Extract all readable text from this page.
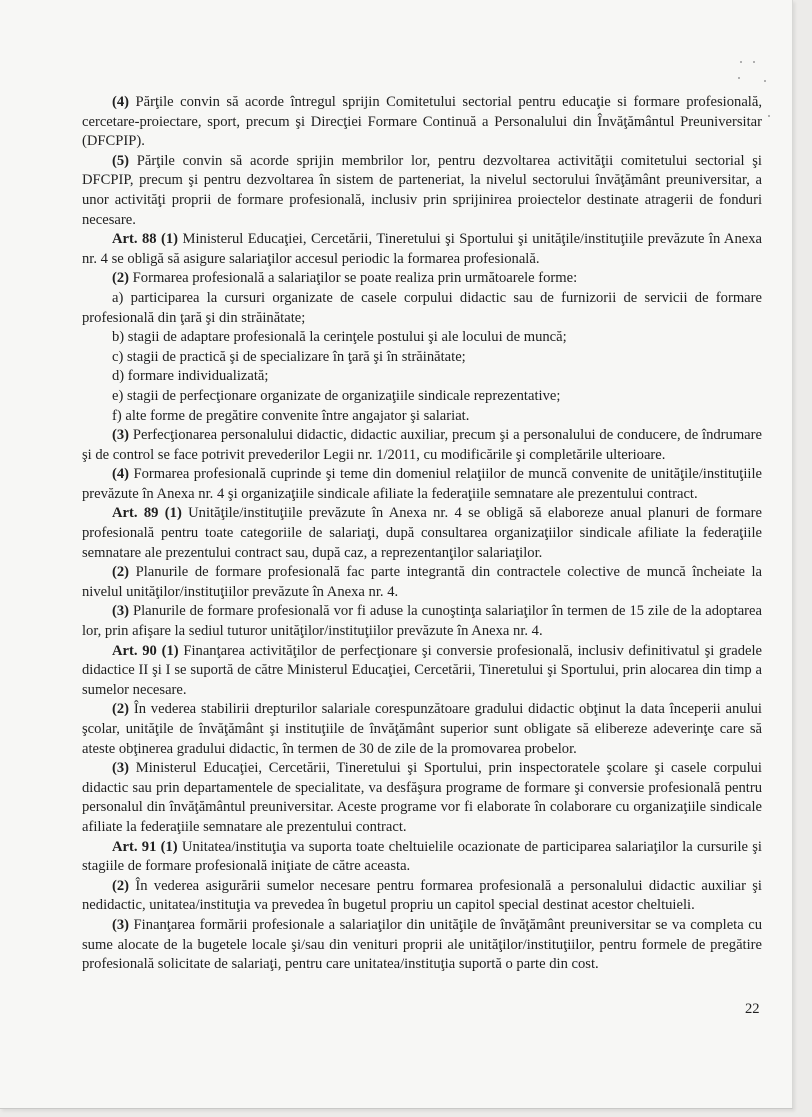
(4) Părţile convin să acorde întregul sprijin Comitetului sectorial pentru educaţie si formare profesională, cercetare-proiectare, sport, precum şi Direcţiei Formare Continuă a Personalului din Învăţământul Preuniversitar (DFCPIP).

(5) Părţile convin să acorde sprijin membrilor lor, pentru dezvoltarea activităţii comitetului sectorial şi DFCPIP, precum şi pentru dezvoltarea în sistem de parteneriat, la nivelul sectorului învăţământ preuniversitar, a unor activităţi proprii de formare profesională, inclusiv prin sprijinirea proiectelor destinate atragerii de fonduri necesare.

Art. 88 (1) Ministerul Educaţiei, Cercetării, Tineretului şi Sportului şi unităţile/instituţiile prevăzute în Anexa nr. 4 se obligă să asigure salariaţilor accesul periodic la formarea profesională.

(2) Formarea profesională a salariaţilor se poate realiza prin următoarele forme:

a) participarea la cursuri organizate de casele corpului didactic sau de furnizorii de servicii de formare profesională din ţară şi din străinătate;

b) stagii de adaptare profesională la cerinţele postului şi ale locului de muncă;

c) stagii de practică şi de specializare în ţară şi în străinătate;

d) formare individualizată;

e) stagii de perfecţionare organizate de organizaţiile sindicale reprezentative;

f) alte forme de pregătire convenite între angajator şi salariat.

(3) Perfecţionarea personalului didactic, didactic auxiliar, precum şi a personalului de conducere, de îndrumare şi de control se face potrivit prevederilor Legii nr. 1/2011, cu modificările şi completările ulterioare.

(4) Formarea profesională cuprinde şi teme din domeniul relaţiilor de muncă convenite de unităţile/instituţiile prevăzute în Anexa nr. 4 şi organizaţiile sindicale afiliate la federaţiile semnatare ale prezentului contract.

Art. 89 (1) Unităţile/instituţiile prevăzute în Anexa nr. 4 se obligă să elaboreze anual planuri de formare profesională pentru toate categoriile de salariaţi, după consultarea organizaţiilor sindicale afiliate la federaţiile semnatare ale prezentului contract sau, după caz, a reprezentanţilor salariaţilor.

(2) Planurile de formare profesională fac parte integrantă din contractele colective de muncă încheiate la nivelul unităţilor/instituţiilor prevăzute în Anexa nr. 4.

(3) Planurile de formare profesională vor fi aduse la cunoştinţa salariaţilor în termen de 15 zile de la adoptarea lor, prin afişare la sediul tuturor unităţilor/instituţiilor prevăzute în Anexa nr. 4.

Art. 90 (1) Finanţarea activităţilor de perfecţionare şi conversie profesională, inclusiv definitivatul şi gradele didactice II şi I se suportă de către Ministerul Educaţiei, Cercetării, Tineretului şi Sportului, prin alocarea din timp a sumelor necesare.

(2) În vederea stabilirii drepturilor salariale corespunzătoare gradului didactic obţinut la data începerii anului şcolar, unităţile de învăţământ şi instituţiile de învăţământ superior sunt obligate să elibereze adeverinţe care să ateste obţinerea gradului didactic, în termen de 30 de zile de la promovarea probelor.

(3) Ministerul Educaţiei, Cercetării, Tineretului şi Sportului, prin inspectoratele şcolare şi casele corpului didactic sau prin departamentele de specialitate, va desfăşura programe de formare şi conversie profesională pentru personalul din învăţământul preuniversitar. Aceste programe vor fi elaborate în colaborare cu organizaţiile sindicale afiliate la federaţiile semnatare ale prezentului contract.

Art. 91 (1) Unitatea/instituţia va suporta toate cheltuielile ocazionate de participarea salariaţilor la cursurile şi stagiile de formare profesională iniţiate de către aceasta.

(2) În vederea asigurării sumelor necesare pentru formarea profesională a personalului didactic auxiliar şi nedidactic, unitatea/instituţia va prevedea în bugetul propriu un capitol special destinat acestor cheltuieli.

(3) Finanţarea formării profesionale a salariaţilor din unităţile de învăţământ preuniversitar se va completa cu sume alocate de la bugetele locale şi/sau din venituri proprii ale unităţilor/instituţiilor, pentru formele de pregătire profesională solicitate de salariaţi, pentru care unitatea/instituţia suportă o parte din cost.

22
